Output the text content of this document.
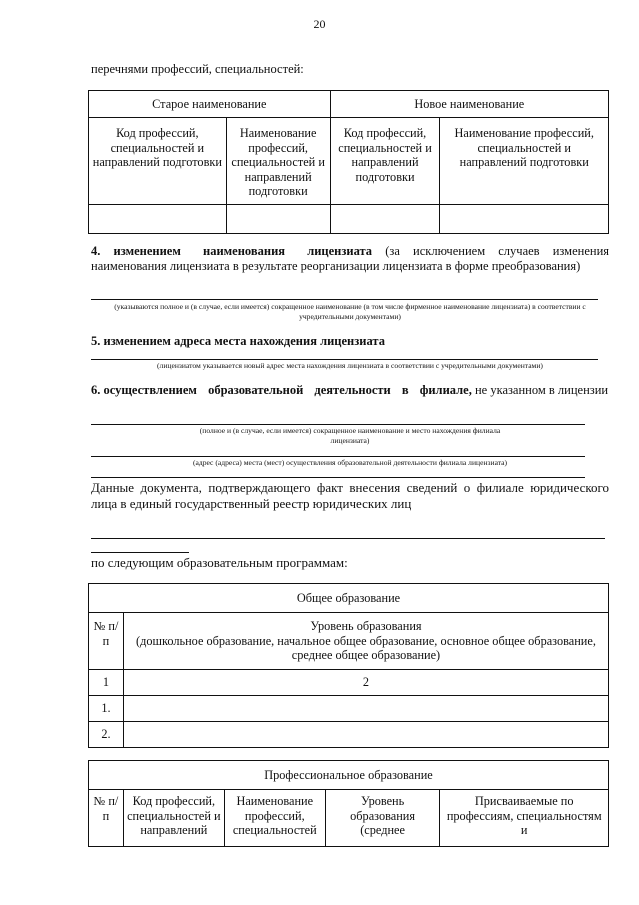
20
перечнями профессий, специальностей:
Старое наименование		Новое наименование	
Код профессий, специальностей и направлений подготовки	Наименование профессий, специальностей и направлений подготовки	Код профессий, специальностей и направлений подготовки	Наименование профессий, специальностей и направлений подготовки

4. изменением наименования лицензиата (за исключением случаев изменения наименования лицензиата в результате реорганизации лицензиата в форме преобразования)
(указываются полное и (в случае, если имеется) сокращенное наименование (в том числе фирменное наименование лицензиата) в соответствии с учредительными документами)
5. изменением адреса места нахождения лицензиата
(лицензиатом указывается новый адрес места нахождения лицензиата в соответствии с учредительными документами)
6. осуществлением образовательной деятельности в филиале, не указанном в лицензии
(полное и (в случае, если имеется) сокращенное наименование и место нахождения филиала лицензиата)
(адрес (адреса) места (мест) осуществления образовательной деятельности филиала лицензиата)
Данные документа, подтверждающего факт внесения сведений о филиале юридического лица в единый государственный реестр юридических лиц
по следующим образовательным программам:
Общее образование	
№ п/п	Уровень образования
(дошкольное образование, начальное общее образование, основное общее образование, среднее общее образование)

1	2
1.	
2.	
Профессиональное образование
№ п/п	Код профессий, специальностей и направлений	Наименование профессий, специальностей	Уровень образования (среднее	Присваиваемые по профессиям, специальностям и
